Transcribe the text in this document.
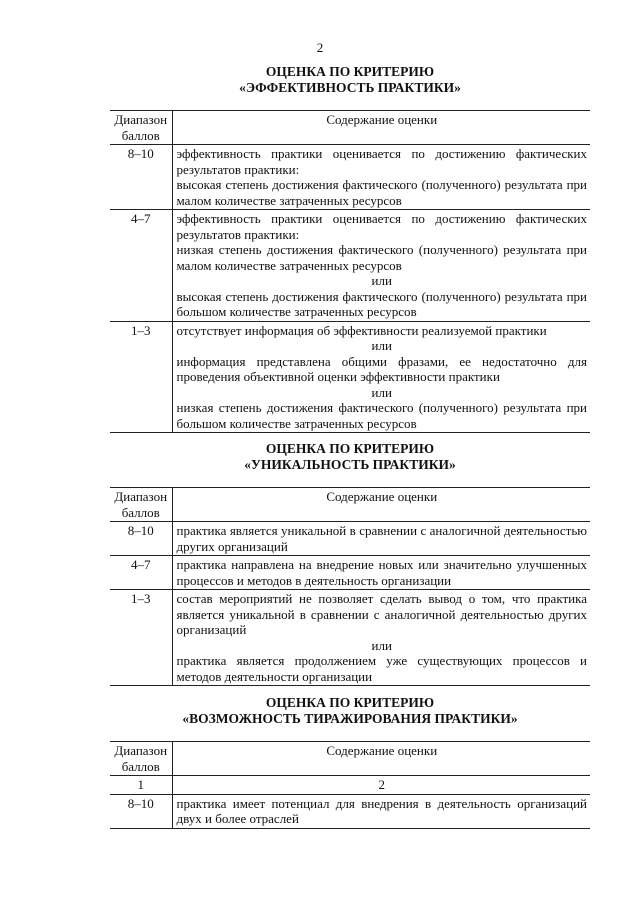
2
ОЦЕНКА ПО КРИТЕРИЮ
«ЭФФЕКТИВНОСТЬ ПРАКТИКИ»
Диапазон баллов	Содержание оценки
8–10	эффективность практики оценивается по достижению фактических результатов практики:
высокая степень достижения фактического (полученного) результата при малом количестве затраченных ресурсов

4–7	эффективность практики оценивается по достижению фактических результатов практики:
низкая степень достижения фактического (полученного) результата при малом количестве затраченных ресурсов
или
высокая степень достижения фактического (полученного) результата при большом количестве затраченных ресурсов

1–3	отсутствует информация об эффективности реализуемой практики
или
информация представлена общими фразами, ее недостаточно для проведения объективной оценки эффективности практики
или
низкая степень достижения фактического (полученного) результата при большом количестве затраченных ресурсов
ОЦЕНКА ПО КРИТЕРИЮ
«УНИКАЛЬНОСТЬ ПРАКТИКИ»
Диапазон баллов	Содержание оценки
8–10	практика является уникальной в сравнении с аналогичной деятельностью других организаций

4–7	практика направлена на внедрение новых или значительно улучшенных процессов и методов в деятельность организации

1–3	состав мероприятий не позволяет сделать вывод о том, что практика является уникальной в сравнении с аналогичной деятельностью других организаций
или
практика является продолжением уже существующих процессов и методов деятельности организации
ОЦЕНКА ПО КРИТЕРИЮ
«ВОЗМОЖНОСТЬ ТИРАЖИРОВАНИЯ ПРАКТИКИ»
Диапазон баллов	Содержание оценки
1	2
8–10	практика имеет потенциал для внедрения в деятельность организаций двух и более отраслей
